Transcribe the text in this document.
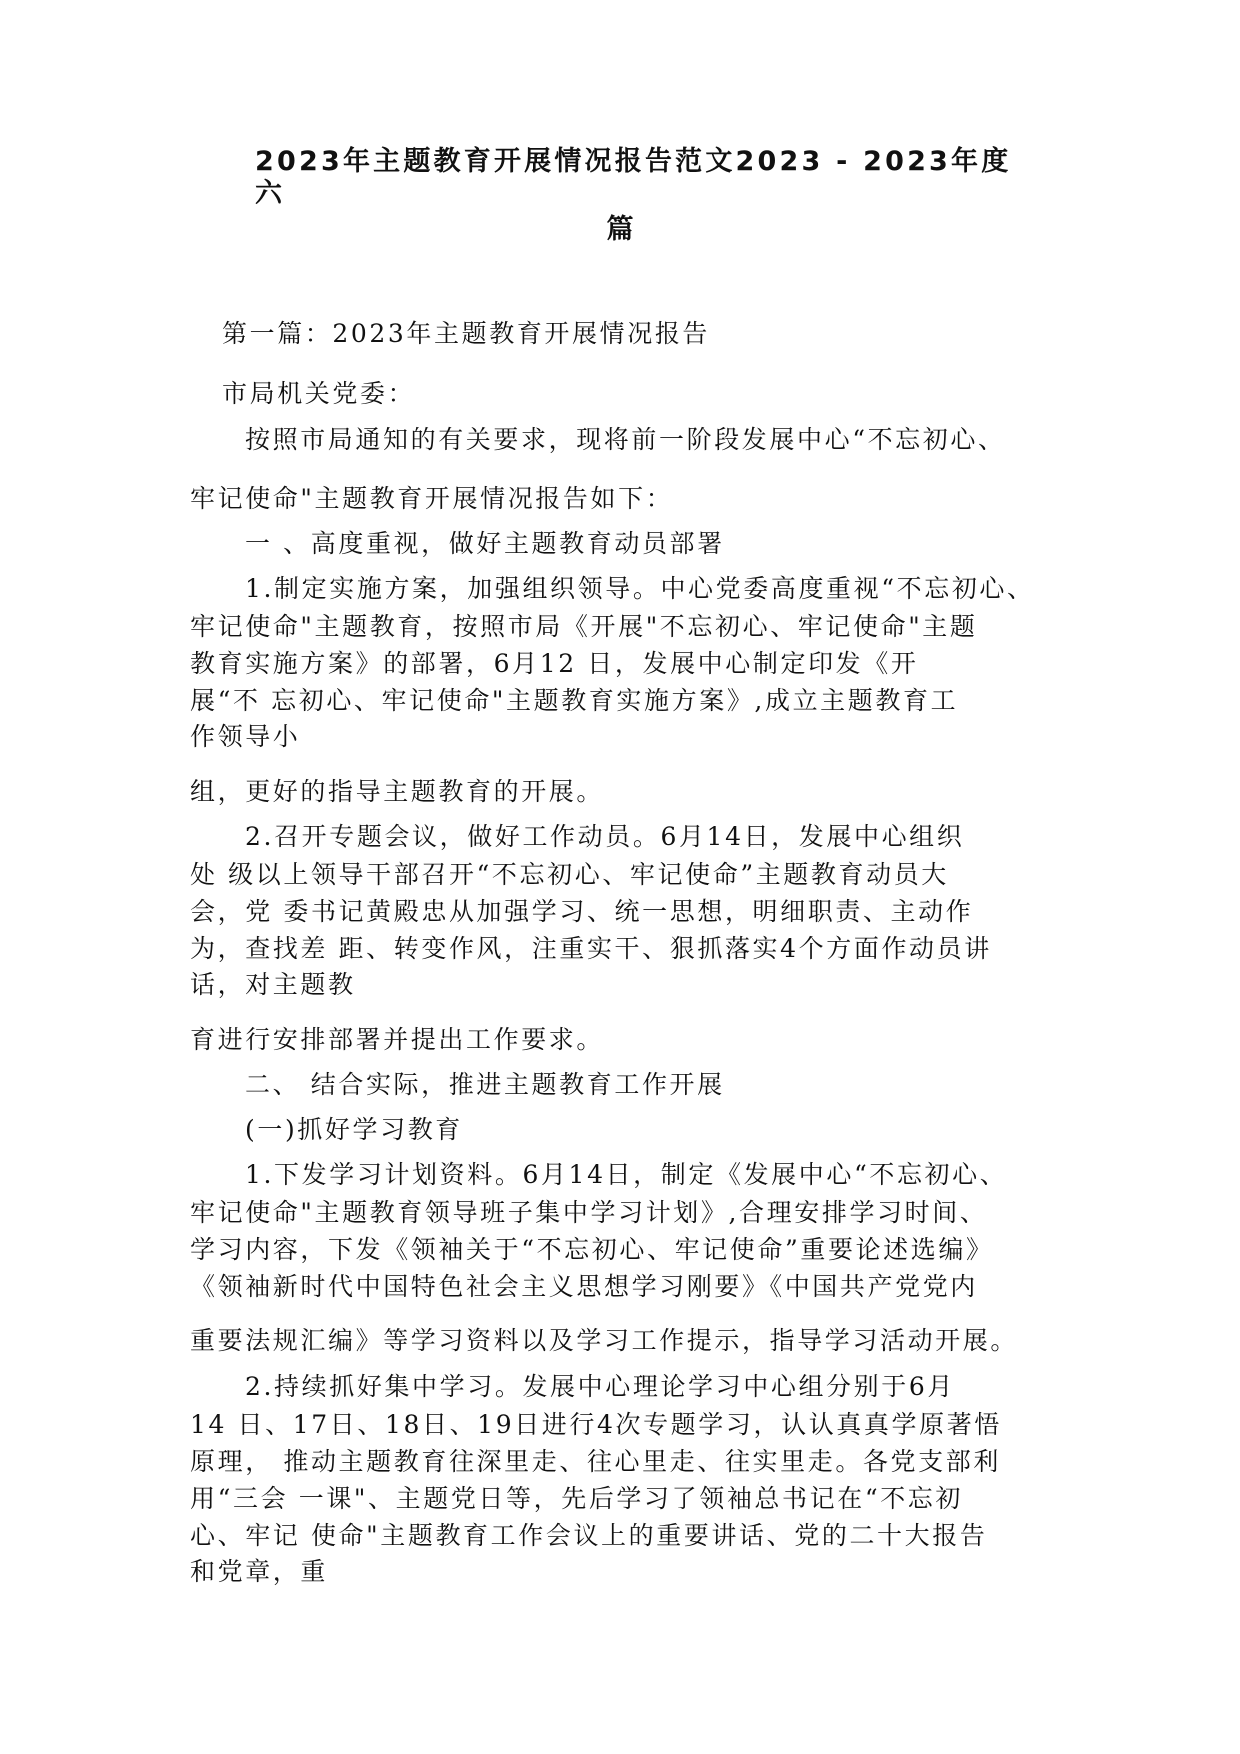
2023年主题教育开展情况报告范文2023 - 2023年度
六
篇
第一篇：2023年主题教育开展情况报告
市局机关党委：
按照市局通知的有关要求，现将前一阶段发展中心“不忘初心、
牢记使命"主题教育开展情况报告如下：
一 、高度重视，做好主题教育动员部署
1.制定实施方案，加强组织领导。中心党委高度重视“不忘初心、
牢记使命"主题教育，按照市局《开展"不忘初心、牢记使命"主题
教育实施方案》的部署，6月12 日，发展中心制定印发《开
展“不 忘初心、牢记使命"主题教育实施方案》,成立主题教育工
作领导小
组，更好的指导主题教育的开展。
2.召开专题会议，做好工作动员。6月14日，发展中心组织
处 级以上领导干部召开“不忘初心、牢记使命”主题教育动员大
会，党 委书记黄殿忠从加强学习、统一思想，明细职责、主动作
为，查找差 距、转变作风，注重实干、狠抓落实4个方面作动员讲
话，对主题教
育进行安排部署并提出工作要求。
二、 结合实际，推进主题教育工作开展
(一)抓好学习教育
1.下发学习计划资料。6月14日，制定《发展中心“不忘初心、
牢记使命"主题教育领导班子集中学习计划》,合理安排学习时间、
学习内容，下发《领袖关于“不忘初心、牢记使命”重要论述选编》
《领袖新时代中国特色社会主义思想学习刚要》《中国共产党党内
重要法规汇编》等学习资料以及学习工作提示，指导学习活动开展。
2.持续抓好集中学习。发展中心理论学习中心组分别于6月
14 日、17日、18日、19日进行4次专题学习，认认真真学原著悟
原理， 推动主题教育往深里走、往心里走、往实里走。各党支部利
用“三会 一课"、主题党日等，先后学习了领袖总书记在“不忘初
心、牢记 使命"主题教育工作会议上的重要讲话、党的二十大报告
和党章，重
